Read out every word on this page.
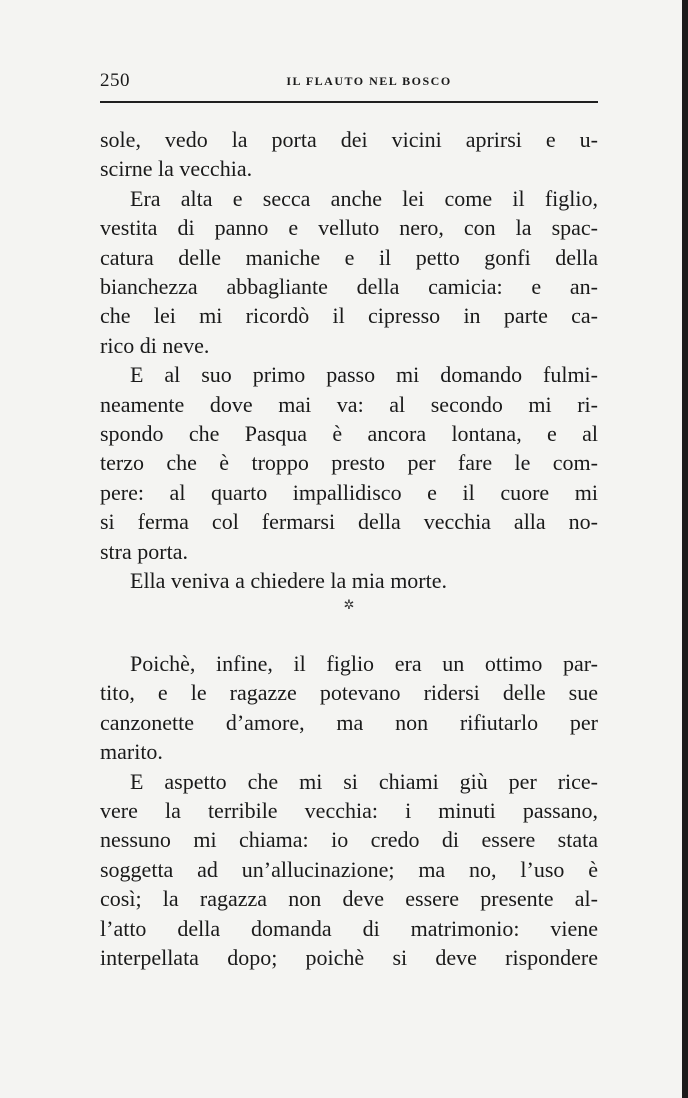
250	IL FLAUTO NEL BOSCO
sole, vedo la porta dei vicini aprirsi e u-
scirne la vecchia.
Era alta e secca anche lei come il figlio,
vestita di panno e velluto nero, con la spac-
catura delle maniche e il petto gonfi della
bianchezza abbagliante della camicia: e an-
che lei mi ricordò il cipresso in parte ca-
rico di neve.
E al suo primo passo mi domando fulmi-
neamente dove mai va: al secondo mi ri-
spondo che Pasqua è ancora lontana, e al
terzo che è troppo presto per fare le com-
pere: al quarto impallidisco e il cuore mi
si ferma col fermarsi della vecchia alla no-
stra porta.
Ella veniva a chiedere la mia morte.
✲
Poichè, infine, il figlio era un ottimo par-
tito, e le ragazze potevano ridersi delle sue
canzonette d’amore, ma non rifiutarlo per
marito.
E aspetto che mi si chiami giù per rice-
vere la terribile vecchia: i minuti passano,
nessuno mi chiama: io credo di essere stata
soggetta ad un’allucinazione; ma no, l’uso è
così; la ragazza non deve essere presente al-
l’atto della domanda di matrimonio: viene
interpellata dopo; poichè si deve rispondere
